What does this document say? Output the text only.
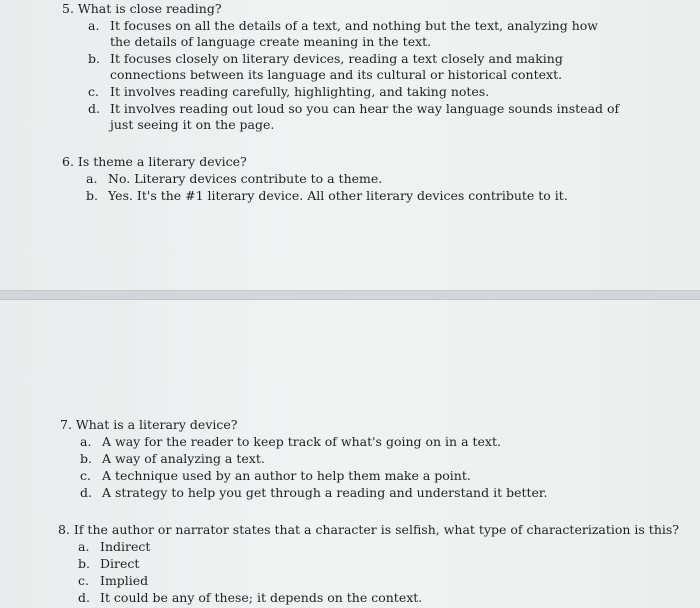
5. What is close reading?
a. It focuses on all the details of a text, and nothing but the text, analyzing how the details of language create meaning in the text.
b. It focuses closely on literary devices, reading a text closely and making connections between its language and its cultural or historical context.
c. It involves reading carefully, highlighting, and taking notes.
d. It involves reading out loud so you can hear the way language sounds instead of just seeing it on the page.
6. Is theme a literary device?
a. No. Literary devices contribute to a theme.
b. Yes. It's the #1 literary device. All other literary devices contribute to it.
7. What is a literary device?
a. A way for the reader to keep track of what's going on in a text.
b. A way of analyzing a text.
c. A technique used by an author to help them make a point.
d. A strategy to help you get through a reading and understand it better.
8. If the author or narrator states that a character is selfish, what type of characterization is this?
a. Indirect
b. Direct
c. Implied
d. It could be any of these; it depends on the context.
